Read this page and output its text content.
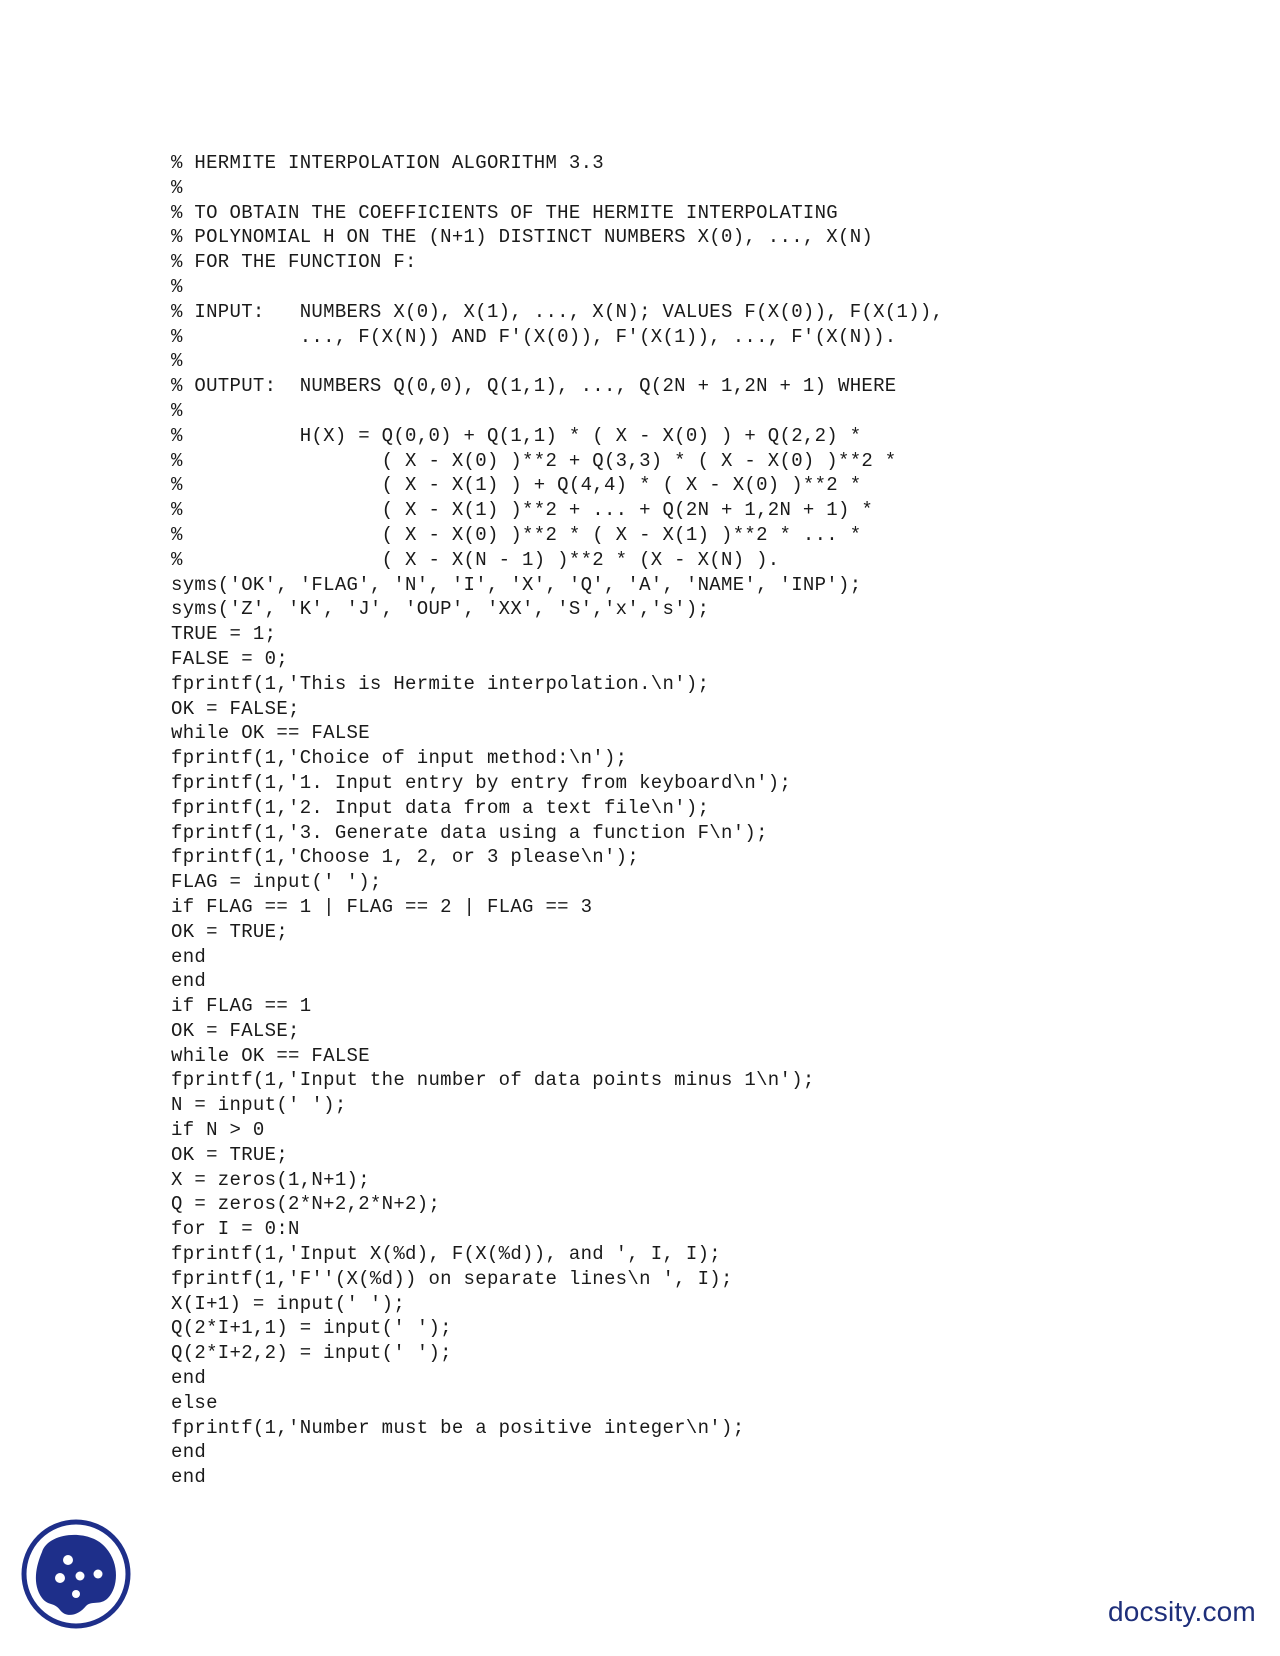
% HERMITE INTERPOLATION ALGORITHM 3.3
%
% TO OBTAIN THE COEFFICIENTS OF THE HERMITE INTERPOLATING
% POLYNOMIAL H ON THE (N+1) DISTINCT NUMBERS X(0), ..., X(N)
% FOR THE FUNCTION F:
%
% INPUT:   NUMBERS X(0), X(1), ..., X(N); VALUES F(X(0)), F(X(1)),
%          ..., F(X(N)) AND F'(X(0)), F'(X(1)), ..., F'(X(N)).
%
% OUTPUT:  NUMBERS Q(0,0), Q(1,1), ..., Q(2N + 1,2N + 1) WHERE
%
%          H(X) = Q(0,0) + Q(1,1) * ( X - X(0) ) + Q(2,2) *
%                 ( X - X(0) )**2 + Q(3,3) * ( X - X(0) )**2 *
%                 ( X - X(1) ) + Q(4,4) * ( X - X(0) )**2 *
%                 ( X - X(1) )**2 + ... + Q(2N + 1,2N + 1) *
%                 ( X - X(0) )**2 * ( X - X(1) )**2 * ... *
%                 ( X - X(N - 1) )**2 * (X - X(N) ).
syms('OK', 'FLAG', 'N', 'I', 'X', 'Q', 'A', 'NAME', 'INP');
syms('Z', 'K', 'J', 'OUP', 'XX', 'S','x','s');
TRUE = 1;
FALSE = 0;
fprintf(1,'This is Hermite interpolation.\n');
OK = FALSE;
while OK == FALSE
fprintf(1,'Choice of input method:\n');
fprintf(1,'1. Input entry by entry from keyboard\n');
fprintf(1,'2. Input data from a text file\n');
fprintf(1,'3. Generate data using a function F\n');
fprintf(1,'Choose 1, 2, or 3 please\n');
FLAG = input(' ');
if FLAG == 1 | FLAG == 2 | FLAG == 3
OK = TRUE;
end
end
if FLAG == 1
OK = FALSE;
while OK == FALSE
fprintf(1,'Input the number of data points minus 1\n');
N = input(' ');
if N > 0
OK = TRUE;
X = zeros(1,N+1);
Q = zeros(2*N+2,2*N+2);
for I = 0:N
fprintf(1,'Input X(%d), F(X(%d)), and ', I, I);
fprintf(1,'F''(X(%d)) on separate lines\n ', I);
X(I+1) = input(' ');
Q(2*I+1,1) = input(' ');
Q(2*I+2,2) = input(' ');
end
else
fprintf(1,'Number must be a positive integer\n');
end
end
docsity.com
